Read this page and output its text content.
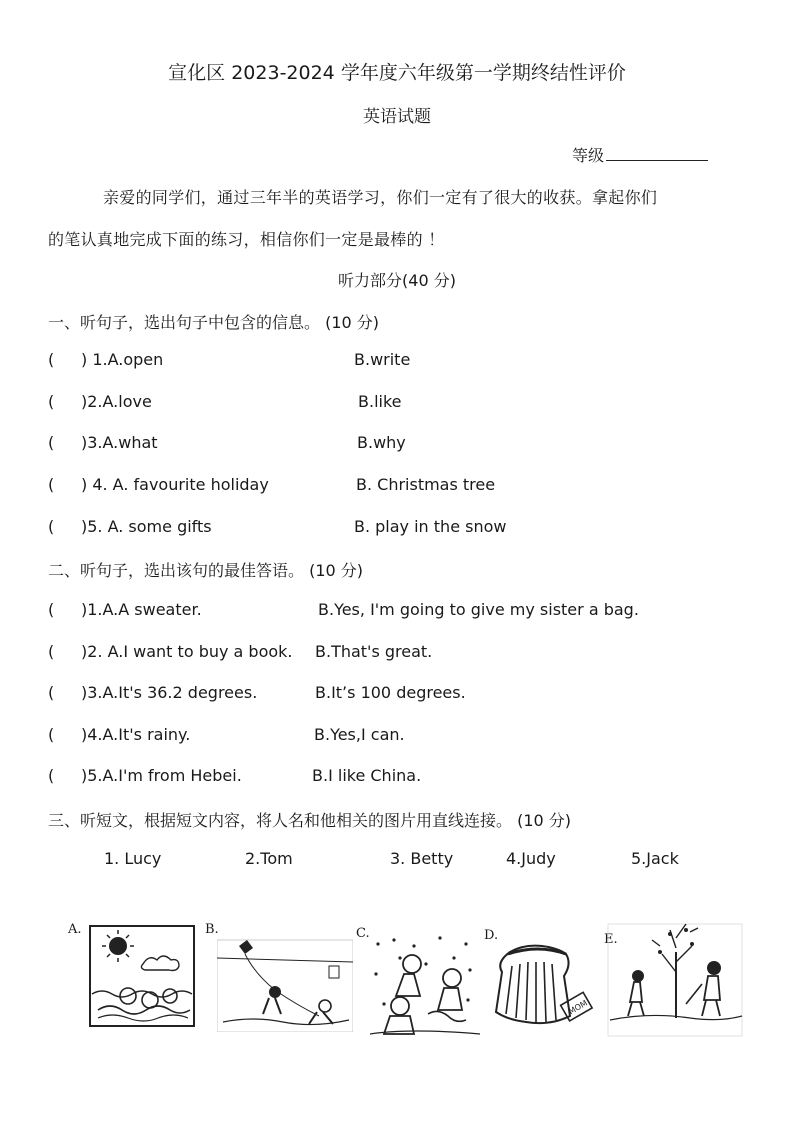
宣化区 2023-2024 学年度六年级第一学期终结性评价
英语试题
等级
亲爱的同学们，通过三年半的英语学习，你们一定有了很大的收获。拿起你们
的笔认真地完成下面的练习，相信你们一定是最棒的 ！
听力部分(40 分)
一、听句子，选出句子中包含的信息。 (10 分)
( ) 1.A.open	B.write
( )2.A.love	B.like
( )3.A.what	B.why
( ) 4. A. favourite holiday	B. Christmas tree
( )5. A. some gifts	B. play in the snow
二、听句子，选出该句的最佳答语。 (10 分)
( )1.A.A sweater.	B.Yes, I'm going to give my sister a bag.
( )2. A.I want to buy a book. B.That's great.
( )3.A.It's 36.2 degrees.	B.It’s 100 degrees.
( )4.A.It's rainy.	B.Yes,I can.
( )5.A.I'm from Hebei.	B.I like China.
三、听短文，根据短文内容，将人名和他相关的图片用直线连接。 (10 分)
1. Lucy	2.Tom	3. Betty	4.Judy	5.Jack
A.	B.	C.	D.
MOM
E.
